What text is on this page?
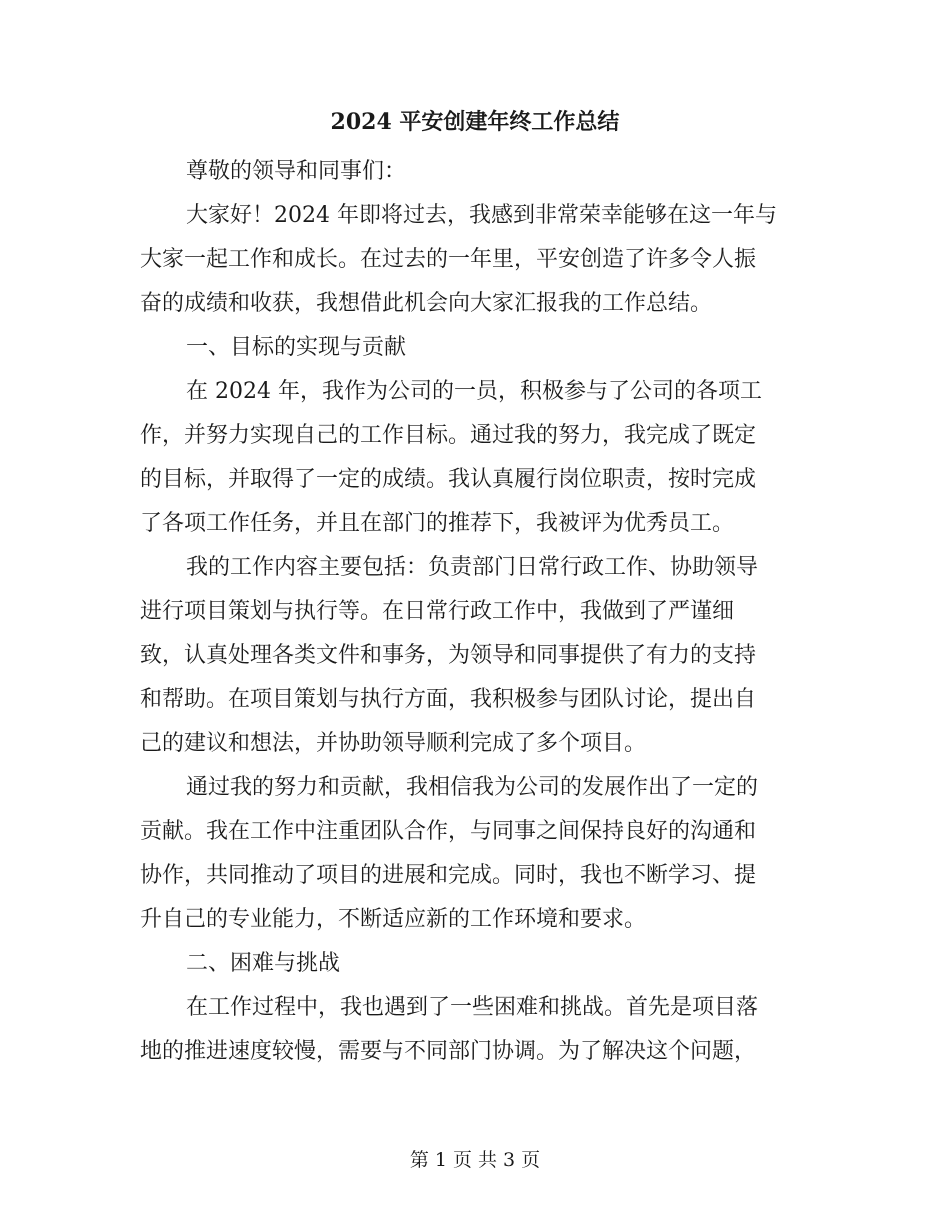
2024 平安创建年终工作总结

尊敬的领导和同事们：

大家好！2024 年即将过去，我感到非常荣幸能够在这一年与

大家一起工作和成长。在过去的一年里，平安创造了许多令人振

奋的成绩和收获，我想借此机会向大家汇报我的工作总结。

一、目标的实现与贡献

在 2024 年，我作为公司的一员，积极参与了公司的各项工

作，并努力实现自己的工作目标。通过我的努力，我完成了既定

的目标，并取得了一定的成绩。我认真履行岗位职责，按时完成

了各项工作任务，并且在部门的推荐下，我被评为优秀员工。

我的工作内容主要包括：负责部门日常行政工作、协助领导

进行项目策划与执行等。在日常行政工作中，我做到了严谨细

致，认真处理各类文件和事务，为领导和同事提供了有力的支持

和帮助。在项目策划与执行方面，我积极参与团队讨论，提出自

己的建议和想法，并协助领导顺利完成了多个项目。

通过我的努力和贡献，我相信我为公司的发展作出了一定的

贡献。我在工作中注重团队合作，与同事之间保持良好的沟通和

协作，共同推动了项目的进展和完成。同时，我也不断学习、提

升自己的专业能力，不断适应新的工作环境和要求。

二、困难与挑战

在工作过程中，我也遇到了一些困难和挑战。首先是项目落

地的推进速度较慢，需要与不同部门协调。为了解决这个问题，

第 1 页 共 3 页
